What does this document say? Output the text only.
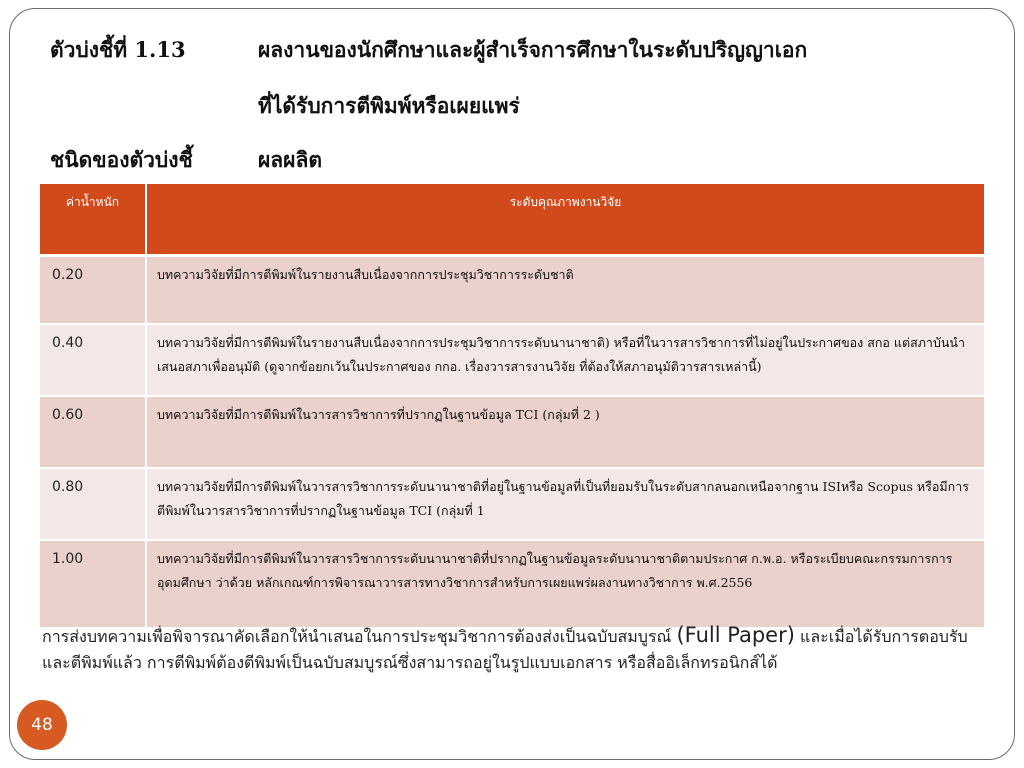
ตัวบ่งชี้ที่ 1.13	ผลงานของนักศึกษาและผู้สำเร็จการศึกษาในระดับปริญญาเอก
ที่ได้รับการตีพิมพ์หรือเผยแพร่
ชนิดของตัวบ่งชี้	ผลผลิต
ค่าน้ำหนัก	ระดับคุณภาพงานวิจัย
0.20	บทความวิจัยที่มีการตีพิมพ์ในรายงานสืบเนื่องจากการประชุมวิชาการระดับชาติ
0.40	บทความวิจัยที่มีการตีพิมพ์ในรายงานสืบเนื่องจากการประชุมวิชาการระดับนานาชาติ) หรือที่ในวารสารวิชาการที่ไม่อยู่ในประกาศของ สกอ แต่สภาบันนำเสนอสภาเพื่ออนุมัติ (ดูจากข้อยกเว้นในประกาศของ กกอ. เรื่องวารสารงานวิจัย ที่ต้องให้สภาอนุมัติวารสารเหล่านี้)
0.60	บทความวิจัยที่มีการตีพิมพ์ในวารสารวิชาการที่ปรากฏในฐานข้อมูล TCI (กลุ่มที่ 2 )
0.80	บทความวิจัยที่มีการตีพิมพ์ในวารสารวิชาการระดับนานาชาติที่อยู่ในฐานข้อมูลที่เป็นที่ยอมรับในระดับสากลนอกเหนือจากฐาน ISIหรือ Scopus หรือมีการตีพิมพ์ในวารสารวิชาการที่ปรากฏในฐานข้อมูล TCI (กลุ่มที่ 1
1.00	บทความวิจัยที่มีการตีพิมพ์ในวารสารวิชาการระดับนานาชาติที่ปรากฏในฐานข้อมูลระดับนานาชาติตามประกาศ ก.พ.อ. หรือระเบียบคณะกรรมการการอุดมศึกษา ว่าด้วย หลักเกณฑ์การพิจารณาวารสารทางวิชาการสำหรับการเผยแพร่ผลงานทางวิชาการ พ.ศ.2556
การส่งบทความเพื่อพิจารณาคัดเลือกให้นำเสนอในการประชุมวิชาการต้องส่งเป็นฉบับสมบูรณ์ (Full Paper) และเมื่อได้รับการตอบรับและตีพิมพ์แล้ว การตีพิมพ์ต้องตีพิมพ์เป็นฉบับสมบูรณ์ซึ่งสามารถอยู่ในรูปแบบเอกสาร หรือสื่ออิเล็กทรอนิกส์ได้
48
